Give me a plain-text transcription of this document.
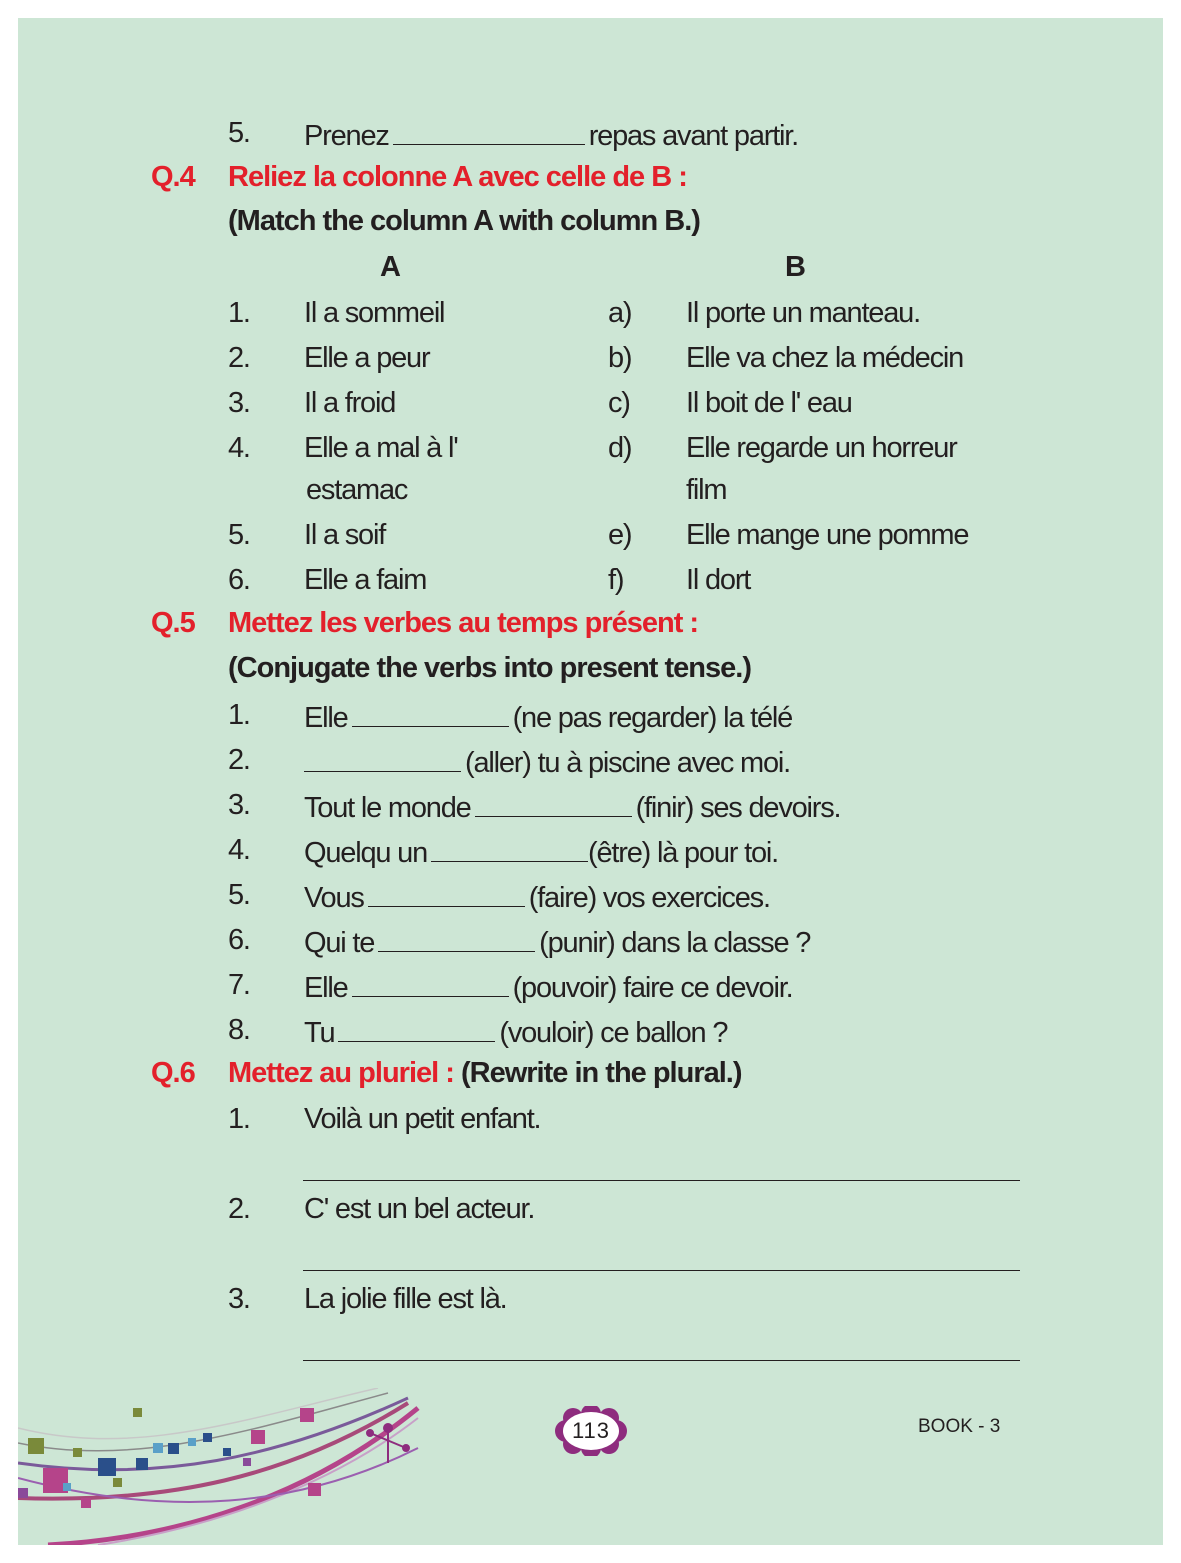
5. Prenez	repas avant partir.
Q.4 Reliez la colonne A avec celle de B :
(Match the column A with column B.)
A	B
1. Il a sommeil	a) Il porte un manteau.
2. Elle a peur	b) Elle va chez la médecin
3. Il a froid	c) Il boit de l' eau
4. Elle a mal à l'	d) Elle regarde un horreur
estamac	film
5. Il a soif	e) Elle mange une pomme
6. Elle a faim	f) Il dort
Q.5 Mettez les verbes au temps présent :
(Conjugate the verbs into present tense.)
1. Elle	(ne pas regarder) la télé
2.	(aller) tu à piscine avec moi.
3. Tout le monde	(finir) ses devoirs.
4. Quelqu un	(être) là pour toi.
5. Vous	(faire) vos exercices.
6. Qui te	(punir) dans la classe ?
7. Elle	(pouvoir) faire ce devoir.
8. Tu	(vouloir) ce ballon ?
Q.6 Mettez au pluriel : (Rewrite in the plural.)
1. Voilà un petit enfant.
2. C' est un bel acteur.
3. La jolie fille est là.
113	BOOK - 3
